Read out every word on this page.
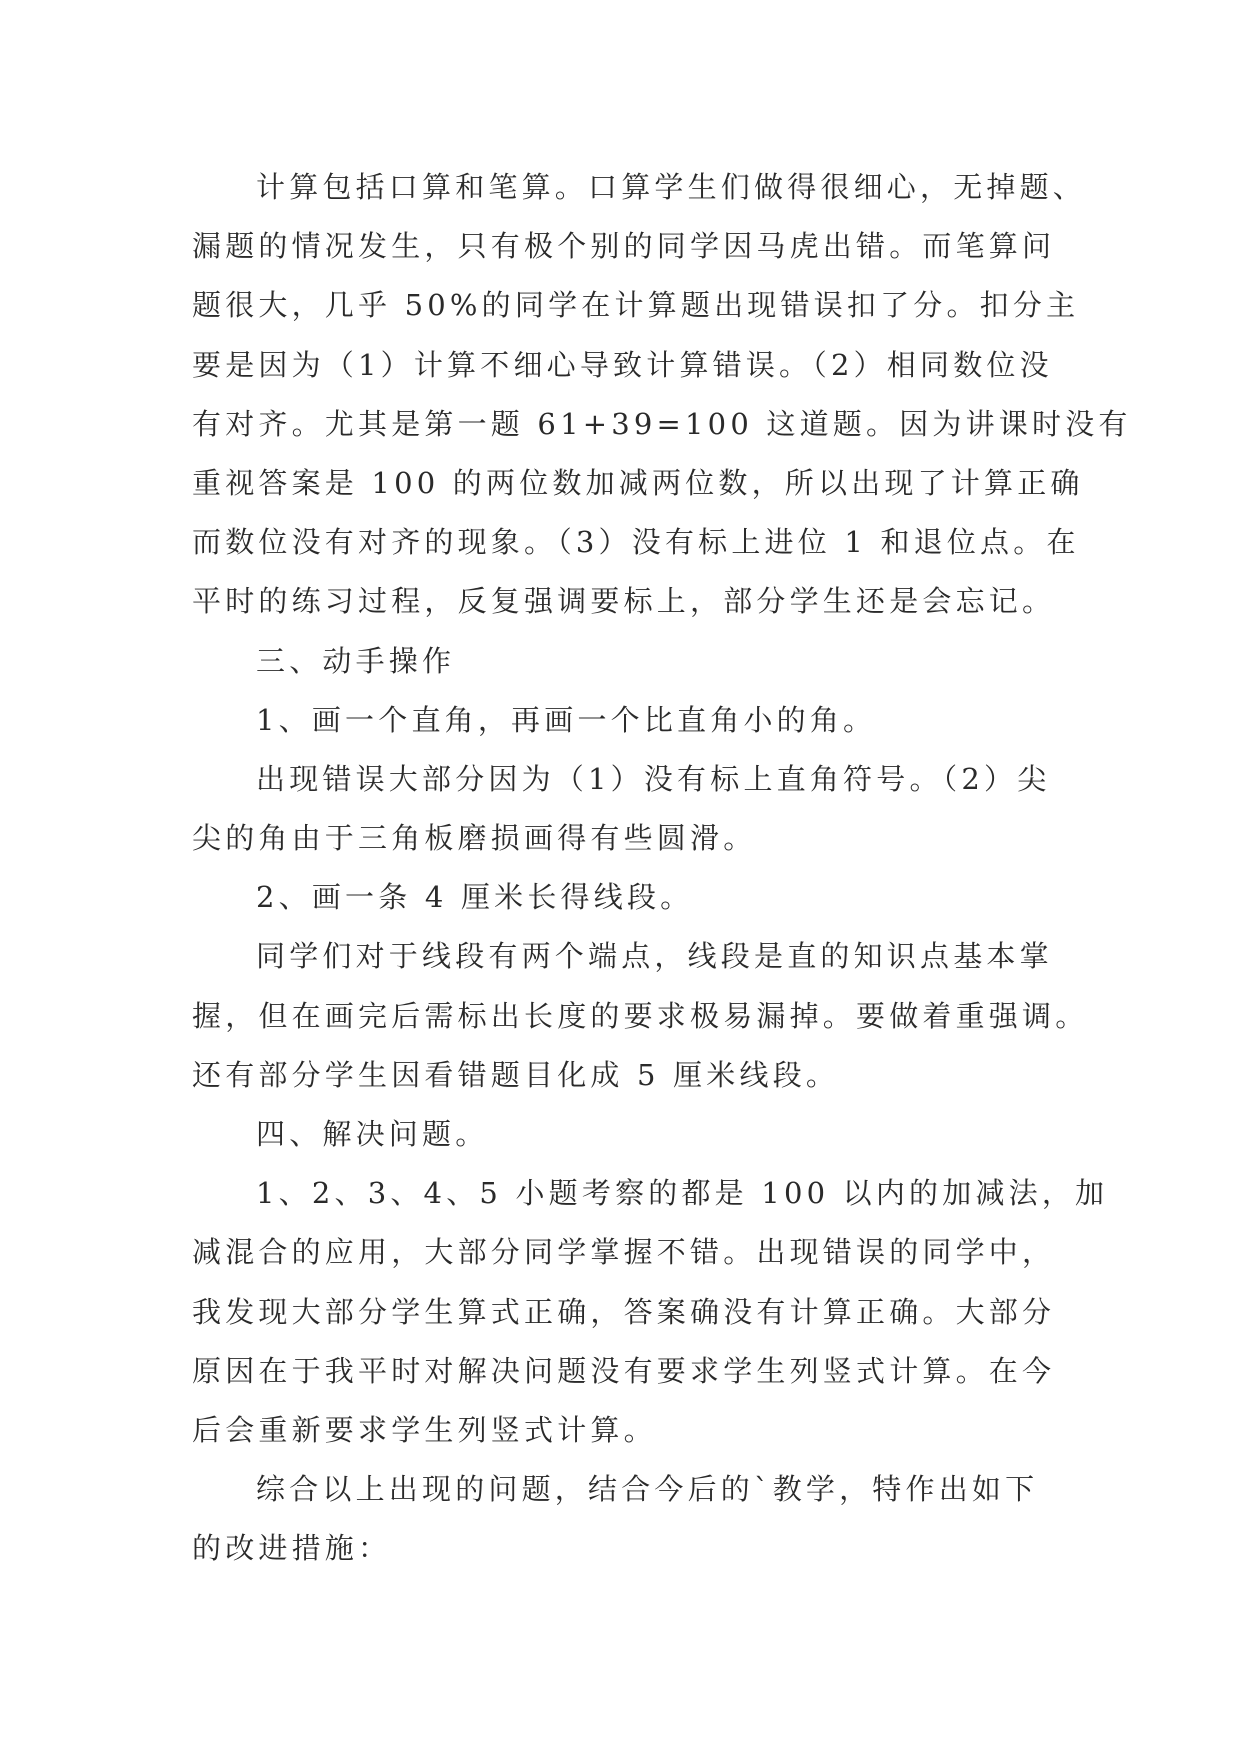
计算包括口算和笔算。口算学生们做得很细心，无掉题、
漏题的情况发生，只有极个别的同学因马虎出错。而笔算问
题很大，几乎 50%的同学在计算题出现错误扣了分。扣分主
要是因为（1）计算不细心导致计算错误。（2）相同数位没
有对齐。尤其是第一题 61+39=100 这道题。因为讲课时没有
重视答案是 100 的两位数加减两位数，所以出现了计算正确
而数位没有对齐的现象。（3）没有标上进位 1 和退位点。在
平时的练习过程，反复强调要标上，部分学生还是会忘记。
三、动手操作
1、画一个直角，再画一个比直角小的角。
出现错误大部分因为（1）没有标上直角符号。（2）尖
尖的角由于三角板磨损画得有些圆滑。
2、画一条 4 厘米长得线段。
同学们对于线段有两个端点，线段是直的知识点基本掌
握，但在画完后需标出长度的要求极易漏掉。要做着重强调。
还有部分学生因看错题目化成 5 厘米线段。
四、解决问题。
1、2、3、4、5 小题考察的都是 100 以内的加减法，加
减混合的应用，大部分同学掌握不错。出现错误的同学中，
我发现大部分学生算式正确，答案确没有计算正确。大部分
原因在于我平时对解决问题没有要求学生列竖式计算。在今
后会重新要求学生列竖式计算。
综合以上出现的问题，结合今后的`教学，特作出如下
的改进措施：
